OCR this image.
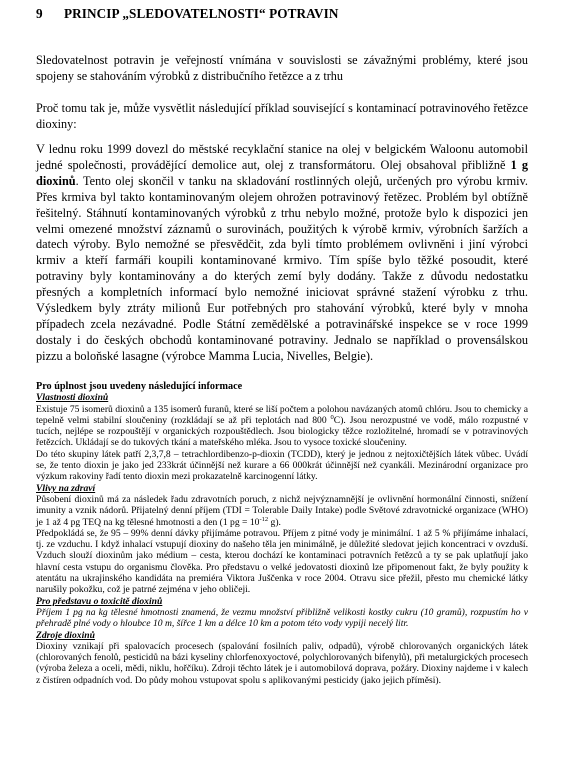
9 PRINCIP „SLEDOVATELNOSTI“ POTRAVIN
Sledovatelnost potravin je veřejností vnímána v souvislosti se závažnými problémy, které jsou spojeny se stahováním výrobků z distribučního řetězce a z trhu
Proč tomu tak je, může vysvětlit následující příklad související s kontaminací potravinového řetězce dioxiny:
V lednu roku 1999 dovezl do městské recyklační stanice na olej v belgickém Waloonu automobil jedné společnosti, provádějící demolice aut, olej z transformátoru. Olej obsahoval přibližně 1 g dioxinů. Tento olej skončil v tanku na skladování rostlinných olejů, určených pro výrobu krmiv. Přes krmiva byl takto kontaminovaným olejem ohrožen potravinový řetězec. Problém byl obtížně řešitelný. Stáhnutí kontaminovaných výrobků z trhu nebylo možné, protože bylo k dispozici jen velmi omezené množství záznamů o surovinách, použitých k výrobě krmiv, výrobních šaržích a datech výroby. Bylo nemožné se přesvědčit, zda byli tímto problémem ovlivněni i jiní výrobci krmiv a kteří farmáři koupili kontaminované krmivo. Tím spíše bylo těžké posoudit, které potraviny byly kontaminovány a do kterých zemí byly dodány. Takže z důvodu nedostatku přesných a kompletních informací bylo nemožné iniciovat správné stažení výrobku z trhu. Výsledkem byly ztráty milionů Eur potřebných pro stahování výrobků, které byly v mnoha případech zcela nezávadné. Podle Státní zemědělské a potravinářské inspekce se v roce 1999 dostaly i do českých obchodů kontaminované potraviny. Jednalo se například o provensálskou pizzu a boloňské lasagne (výrobce Mamma Lucia, Nivelles, Belgie).
Pro úplnost jsou uvedeny následující informace
Vlastnosti dioxinů
Existuje 75 isomerů dioxinů a 135 isomerů furanů, které se liší počtem a polohou navázaných atomů chlóru. Jsou to chemicky a tepelně velmi stabilní sloučeniny (rozkládají se až při teplotách nad 800 $^0$C). Jsou nerozpustné ve vodě, málo rozpustné v tucích, nejlépe se rozpouštějí v organických rozpouštědlech. Jsou biologicky těžce rozložitelné, hromadí se v potravinových řetězcích. Ukládají se do tukových tkání a mateřského mléka. Jsou to vysoce toxické sloučeniny.
Do této skupiny látek patří 2,3,7,8 – tetrachlordibenzo-p-dioxin (TCDD), který je jednou z nejtoxičtějších látek vůbec. Uvádí se, že tento dioxin je jako jed 233krát účinnější než kurare a 66 000krát účinnější než cyankáli. Mezinárodní organizace pro výzkum rakoviny řadí tento dioxin mezi prokazatelně karcinogenní látky.
Vlivy na zdraví
Působení dioxinů má za následek řadu zdravotních poruch, z nichž nejvýznamnější je ovlivnění hormonální činnosti, snížení imunity a vznik nádorů. Přijatelný denní příjem (TDI = Tolerable Daily Intake) podle Světové zdravotnické organizace (WHO) je 1 až 4 pg TEQ na kg tělesné hmotnosti a den (1 pg = $10^{-12}$ g).
Předpokládá se, že 95 – 99% denní dávky přijímáme potravou. Příjem z pitné vody je minimální. 1 až 5 % přijímáme inhalací, tj. ze vzduchu. I když inhalací vstupují dioxiny do našeho těla jen minimálně, je důležité sledovat jejich koncentraci v ovzduší. Vzduch slouží dioxinům jako médium – cesta, kterou dochází ke kontaminaci potravních řetězců a ty se pak uplatňují jako hlavní cesta vstupu do organismu člověka. Pro představu o velké jedovatosti dioxinů lze připomenout fakt, že byly použity k atentátu na ukrajinského kandidáta na premiéra Viktora Juščenka v roce 2004. Otravu sice přežil, přesto mu chemické látky narušily pokožku, což je patrné zejména v jeho obličeji.
Pro představu o toxicitě dioxinů
Příjem 1 pg na kg tělesné hmotnosti znamená, že vezmu množství přibližně velikosti kostky cukru (10 gramů), rozpustím ho v přehradě plné vody o hloubce 10 m, šířce 1 km a délce 10 km a potom této vody vypiji necelý litr.
Zdroje dioxinů
Dioxiny vznikají při spalovacích procesech (spalování fosilních paliv, odpadů), výrobě chlorovaných organických látek (chlorovaných fenolů, pesticidů na bázi kyseliny chlorfenoxyoctové, polychlorovaných bifenylů), při metalurgických procesech (výroba železa a oceli, mědi, niklu, hořčíku). Zdroji těchto látek je i automobilová doprava, požáry. Dioxiny najdeme i v kalech z čistíren odpadních vod. Do půdy mohou vstupovat spolu s aplikovanými pesticidy (jako jejich příměsi).
